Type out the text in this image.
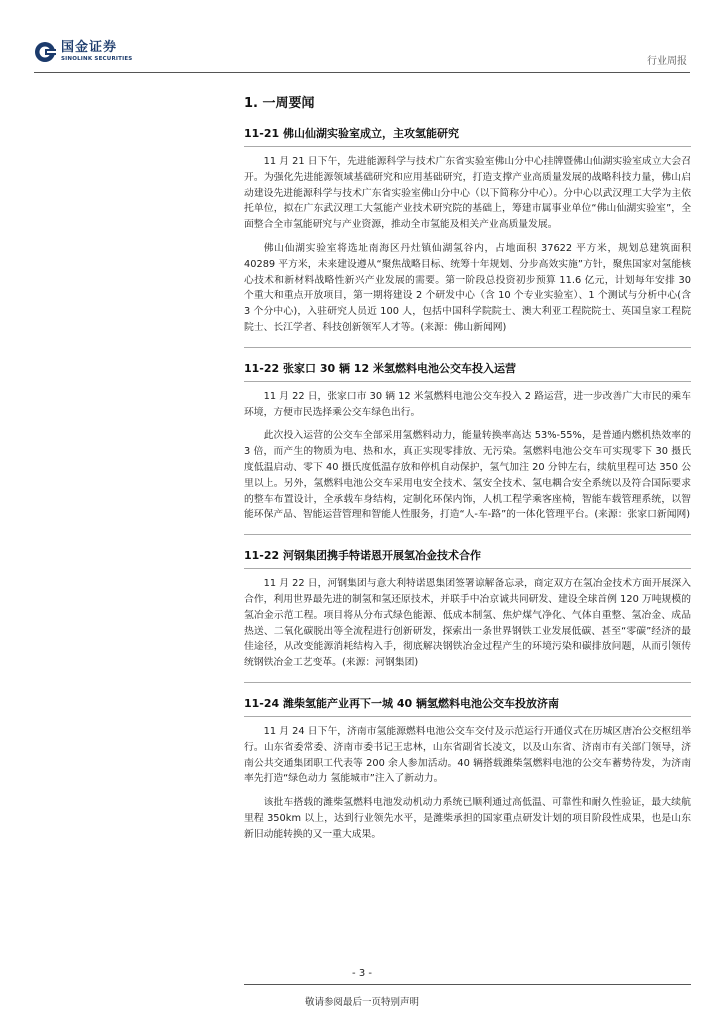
国金证券
SINOLINK SECURITIES	行业周报
1. 一周要闻
11-21 佛山仙湖实验室成立，主攻氢能研究

11 月 21 日下午，先进能源科学与技术广东省实验室佛山分中心挂牌暨佛山仙湖实验室成立大会召开。为强化先进能源领域基础研究和应用基础研究，打造支撑产业高质量发展的战略科技力量，佛山启动建设先进能源科学与技术广东省实验室佛山分中心（以下简称分中心）。分中心以武汉理工大学为主依托单位，拟在广东武汉理工大氢能产业技术研究院的基础上，筹建市属事业单位“佛山仙湖实验室”，全面整合全市氢能研究与产业资源，推动全市氢能及相关产业高质量发展。

佛山仙湖实验室将选址南海区丹灶镇仙湖氢谷内，占地面积 37622 平方米，规划总建筑面积 40289 平方米，未来建设遵从“聚焦战略目标、统筹十年规划、分步高效实施”方针，聚焦国家对氢能核心技术和新材料战略性新兴产业发展的需要。第一阶段总投资初步预算 11.6 亿元，计划每年安排 30 个重大和重点开放项目，第一期将建设 2 个研发中心（含 10 个专业实验室）、1 个测试与分析中心(含 3 个分中心)，入驻研究人员近 100 人，包括中国科学院院士、澳大利亚工程院院士、英国皇家工程院院士、长江学者、科技创新领军人才等。(来源：佛山新闻网)

11-22 张家口 30 辆 12 米氢燃料电池公交车投入运营

11 月 22 日，张家口市 30 辆 12 米氢燃料电池公交车投入 2 路运营，进一步改善广大市民的乘车环境，方便市民选择乘公交车绿色出行。

此次投入运营的公交车全部采用氢燃料动力，能量转换率高达 53%-55%，是普通内燃机热效率的 3 倍，而产生的物质为电、热和水，真正实现零排放、无污染。氢燃料电池公交车可实现零下 30 摄氏度低温启动、零下 40 摄氏度低温存放和停机自动保护，氢气加注 20 分钟左右，续航里程可达 350 公里以上。另外，氢燃料电池公交车采用电安全技术、氢安全技术、氢电耦合安全系统以及符合国际要求的整车布置设计，全承载车身结构，定制化环保内饰，人机工程学乘客座椅，智能车载管理系统，以智能环保产品、智能运营管理和智能人性服务，打造“人-车-路”的一体化管理平台。(来源：张家口新闻网)

11-22 河钢集团携手特诺恩开展氢冶金技术合作

11 月 22 日，河钢集团与意大利特诺恩集团签署谅解备忘录，商定双方在氢冶金技术方面开展深入合作，利用世界最先进的制氢和氢还原技术，并联手中冶京诚共同研发、建设全球首例 120 万吨规模的氢冶金示范工程。项目将从分布式绿色能源、低成本制氢、焦炉煤气净化、气体自重整、氢冶金、成品热送、二氧化碳脱出等全流程进行创新研发，探索出一条世界钢铁工业发展低碳、甚至“零碳”经济的最佳途径，从改变能源消耗结构入手，彻底解决钢铁冶金过程产生的环境污染和碳排放问题，从而引领传统钢铁冶金工艺变革。(来源：河钢集团)

11-24 潍柴氢能产业再下一城 40 辆氢燃料电池公交车投放济南

11 月 24 日下午，济南市氢能源燃料电池公交车交付及示范运行开通仪式在历城区唐冶公交枢纽举行。山东省委常委、济南市委书记王忠林，山东省副省长凌文，以及山东省、济南市有关部门领导，济南公共交通集团职工代表等 200 余人参加活动。40 辆搭载潍柴氢燃料电池的公交车蓄势待发，为济南率先打造“绿色动力 氢能城市”注入了新动力。

该批车搭载的潍柴氢燃料电池发动机动力系统已顺利通过高低温、可靠性和耐久性验证，最大续航里程 350km 以上，达到行业领先水平，是潍柴承担的国家重点研发计划的项目阶段性成果，也是山东新旧动能转换的又一重大成果。

- 3 -
敬请参阅最后一页特别声明
